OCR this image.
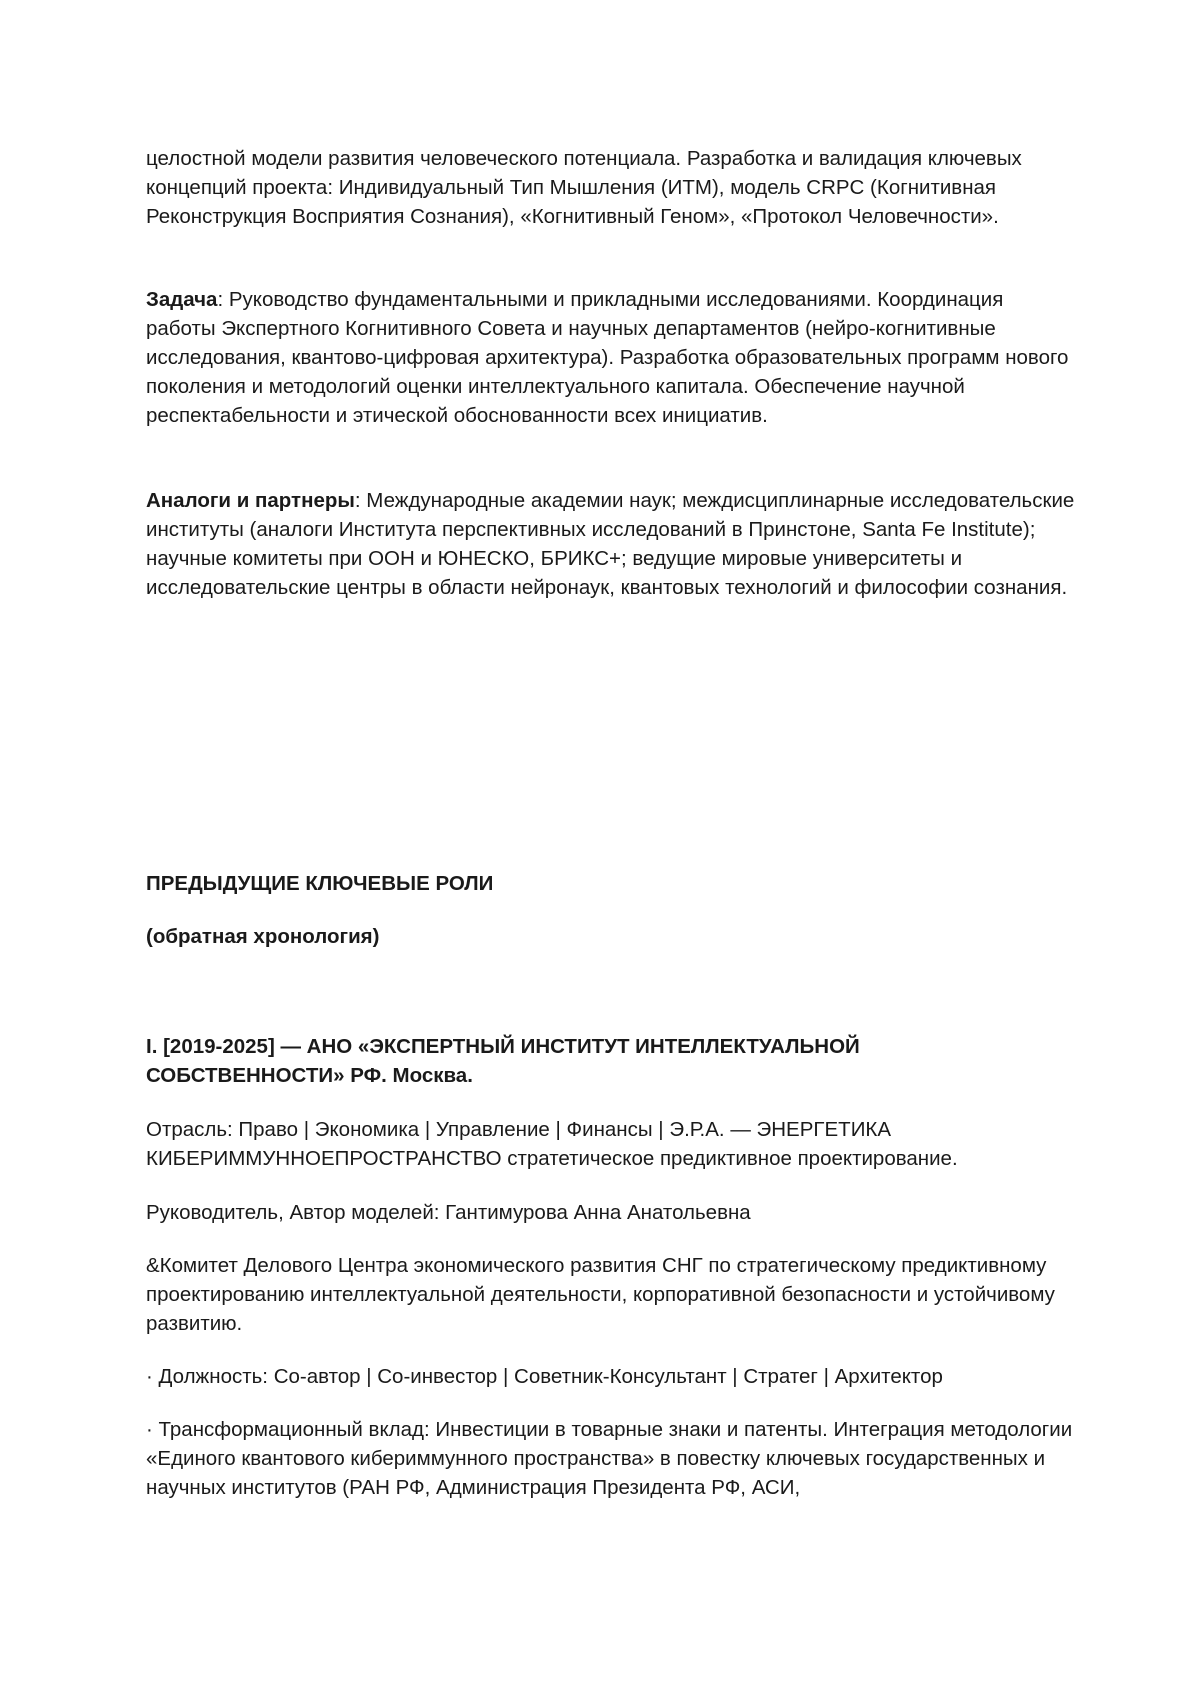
целостной модели развития человеческого потенциала. Разработка и валидация ключевых концепций проекта: Индивидуальный Тип Мышления (ИТМ), модель CRPC (Когнитивная Реконструкция Восприятия Сознания), «Когнитивный Геном», «Протокол Человечности».

Задача: Руководство фундаментальными и прикладными исследованиями. Координация работы Экспертного Когнитивного Совета и научных департаментов (нейро-когнитивные исследования, квантово-цифровая архитектура). Разработка образовательных программ нового поколения и методологий оценки интеллектуального капитала. Обеспечение научной респектабельности и этической обоснованности всех инициатив.

Аналоги и партнеры: Международные академии наук; междисциплинарные исследовательские институты (аналоги Института перспективных исследований в Принстоне, Santa Fe Institute); научные комитеты при ООН и ЮНЕСКО, БРИКС+; ведущие мировые университеты и исследовательские центры в области нейронаук, квантовых технологий и философии сознания.

ПРЕДЫДУЩИЕ КЛЮЧЕВЫЕ РОЛИ

(обратная хронология)

I. [2019-2025] — АНО «ЭКСПЕРТНЫЙ ИНСТИТУТ ИНТЕЛЛЕКТУАЛЬНОЙ СОБСТВЕННОСТИ» РФ. Москва.

Отрасль: Право | Экономика | Управление | Финансы | Э.Р.А. — ЭНЕРГЕТИКА КИБЕРИММУННОЕПРОСТРАНСТВО стратетическое предиктивное проектирование.

Руководитель, Автор моделей: Гантимурова Анна Анатольевна

&Комитет Делового Центра экономического развития СНГ по стратегическому предиктивному проектированию интеллектуальной деятельности, корпоративной безопасности и устойчивому развитию.

· Должность: Со-автор | Со-инвестор | Советник-Консультант | Стратег | Архитектор

· Трансформационный вклад: Инвестиции в товарные знаки и патенты. Интеграция методологии «Единого квантового кибериммунного пространства» в повестку ключевых государственных и научных институтов (РАН РФ, Администрация Президента РФ, АСИ,
